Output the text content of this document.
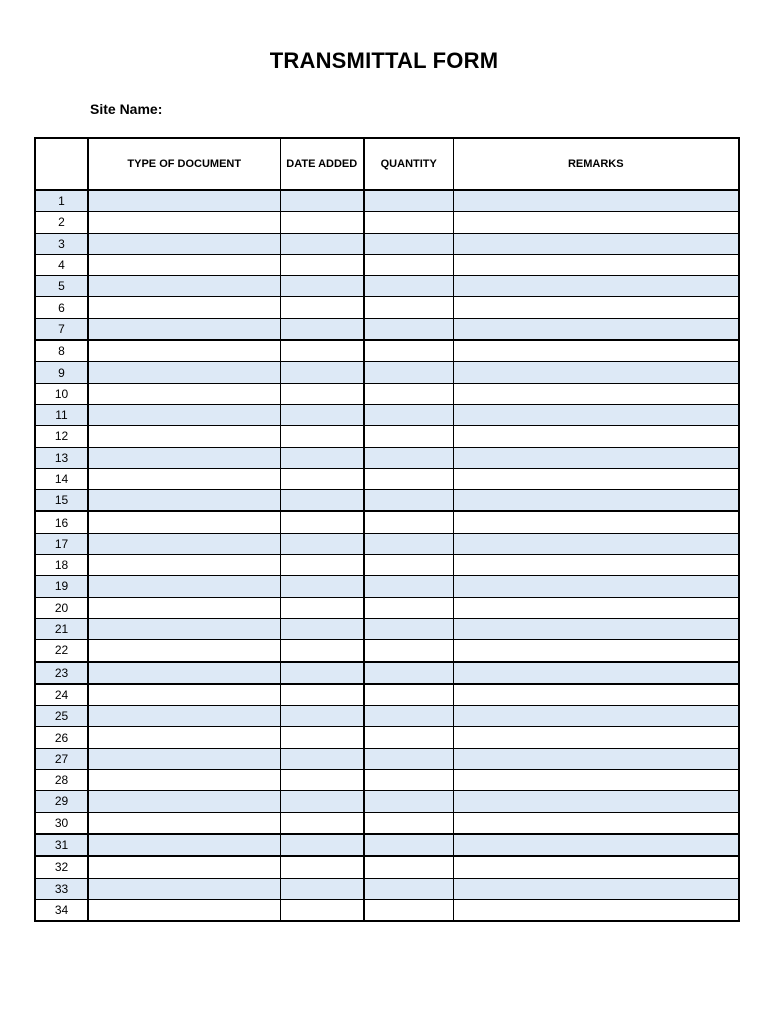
TRANSMITTAL FORM
Site Name:
	TYPE OF DOCUMENT	DATE ADDED	QUANTITY	REMARKS
1				
2				
3				
4				
5				
6				
7				
8				
9				
10				
11				
12				
13				
14				
15				
16				
17				
18				
19				
20				
21				
22				
23				
24				
25				
26				
27				
28				
29				
30				
31				
32				
33				
34				
